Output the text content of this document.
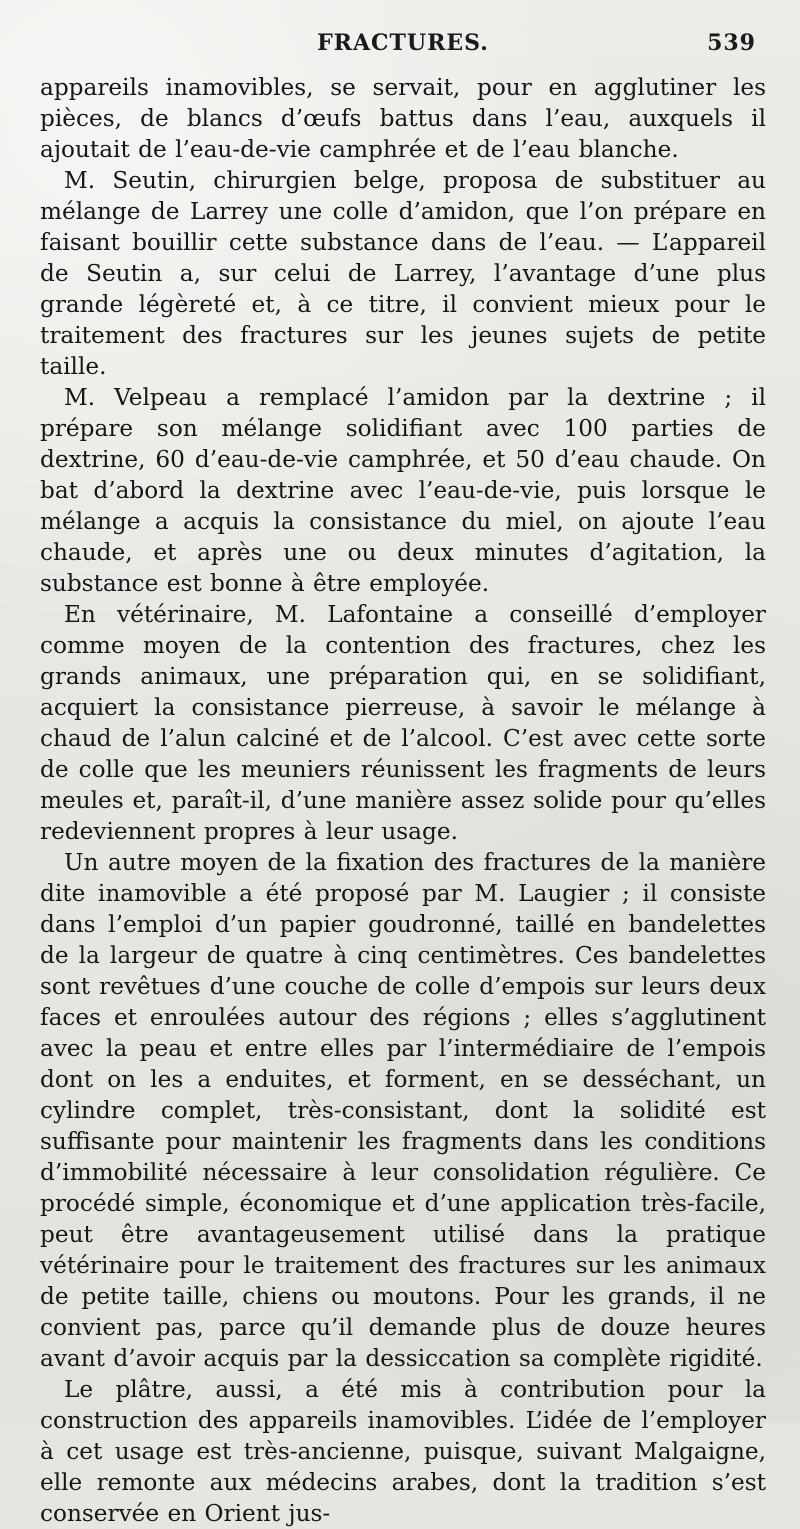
FRACTURES.	539

appareils inamovibles, se servait, pour en agglutiner les pièces, de blancs d’œufs battus dans l’eau, auxquels il ajoutait de l’eau-de-vie camphrée et de l’eau blanche.

M. Seutin, chirurgien belge, proposa de substituer au mélange de Larrey une colle d’amidon, que l’on prépare en faisant bouillir cette substance dans de l’eau. — L’appareil de Seutin a, sur celui de Larrey, l’avantage d’une plus grande légèreté et, à ce titre, il convient mieux pour le traitement des fractures sur les jeunes sujets de petite taille.

M. Velpeau a remplacé l’amidon par la dextrine ; il prépare son mélange solidifiant avec 100 parties de dextrine, 60 d’eau-de-vie camphrée, et 50 d’eau chaude. On bat d’abord la dextrine avec l’eau-de-vie, puis lorsque le mélange a acquis la consistance du miel, on ajoute l’eau chaude, et après une ou deux minutes d’agitation, la substance est bonne à être employée.

En vétérinaire, M. Lafontaine a conseillé d’employer comme moyen de la contention des fractures, chez les grands animaux, une préparation qui, en se solidifiant, acquiert la consistance pierreuse, à savoir le mélange à chaud de l’alun calciné et de l’alcool. C’est avec cette sorte de colle que les meuniers réunissent les fragments de leurs meules et, paraît-il, d’une manière assez solide pour qu’elles redeviennent propres à leur usage.

Un autre moyen de la fixation des fractures de la manière dite inamovible a été proposé par M. Laugier ; il consiste dans l’emploi d’un papier goudronné, taillé en bandelettes de la largeur de quatre à cinq centimètres. Ces bandelettes sont revêtues d’une couche de colle d’empois sur leurs deux faces et enroulées autour des régions ; elles s’agglutinent avec la peau et entre elles par l’intermédiaire de l’empois dont on les a enduites, et forment, en se desséchant, un cylindre complet, très-consistant, dont la solidité est suffisante pour maintenir les fragments dans les conditions d’immobilité nécessaire à leur consolidation régulière. Ce procédé simple, économique et d’une application très-facile, peut être avantageusement utilisé dans la pratique vétérinaire pour le traitement des fractures sur les animaux de petite taille, chiens ou moutons. Pour les grands, il ne convient pas, parce qu’il demande plus de douze heures avant d’avoir acquis par la dessiccation sa complète rigidité.

Le plâtre, aussi, a été mis à contribution pour la construction des appareils inamovibles. L’idée de l’employer à cet usage est très-ancienne, puisque, suivant Malgaigne, elle remonte aux médecins arabes, dont la tradition s’est conservée en Orient jus-
